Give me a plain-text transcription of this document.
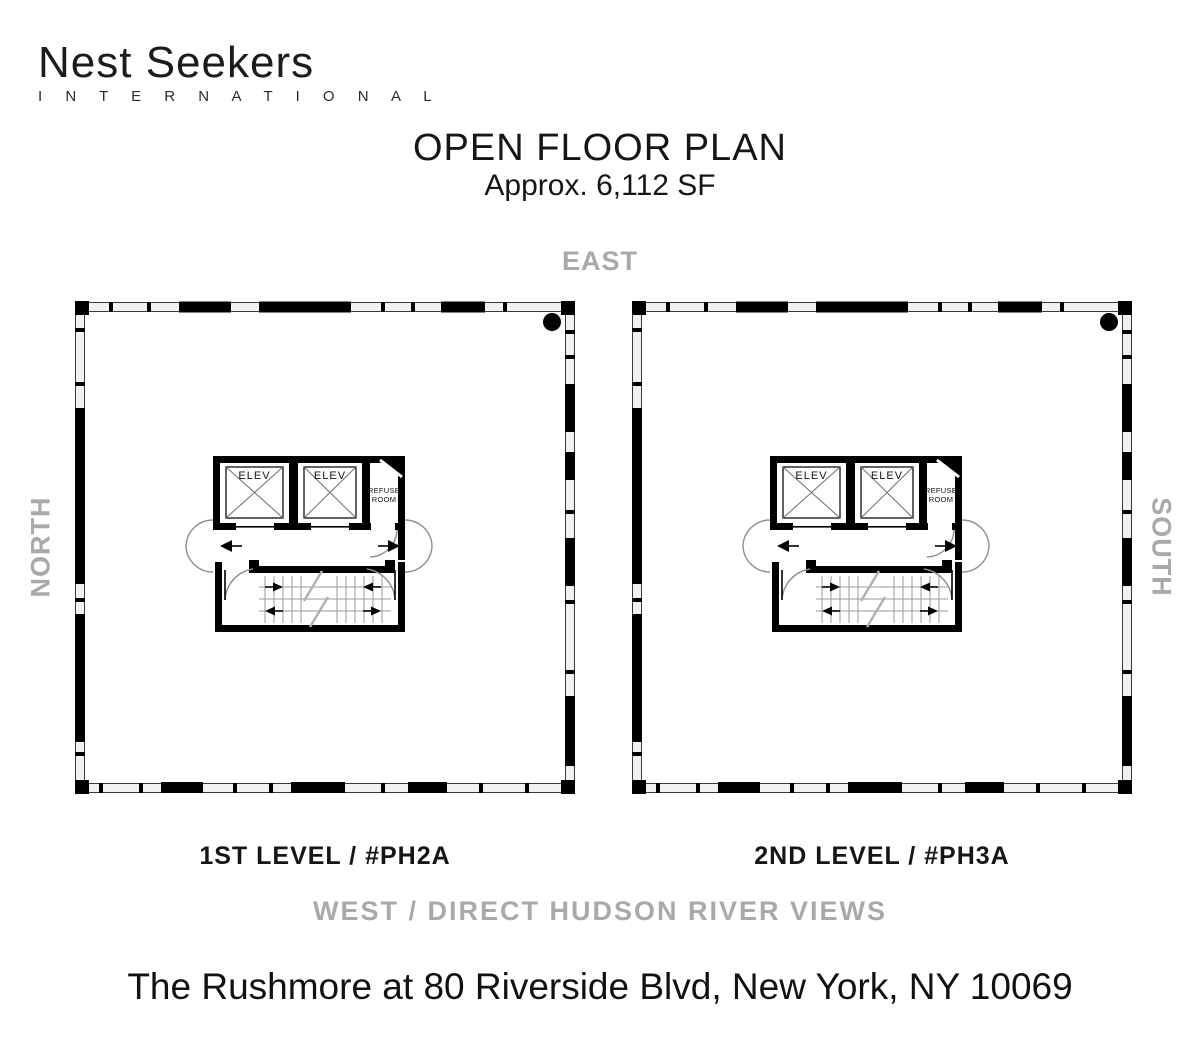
Nest Seekers
I N T E R N A T I O N A L
OPEN FLOOR PLAN
Approx. 6,112 SF
EAST
NORTH	SOUTH
WEST / DIRECT HUDSON RIVER VIEWS
1ST LEVEL / #PH2A	2ND LEVEL / #PH3A
The Rushmore at 80 Riverside Blvd, New York, NY 10069
